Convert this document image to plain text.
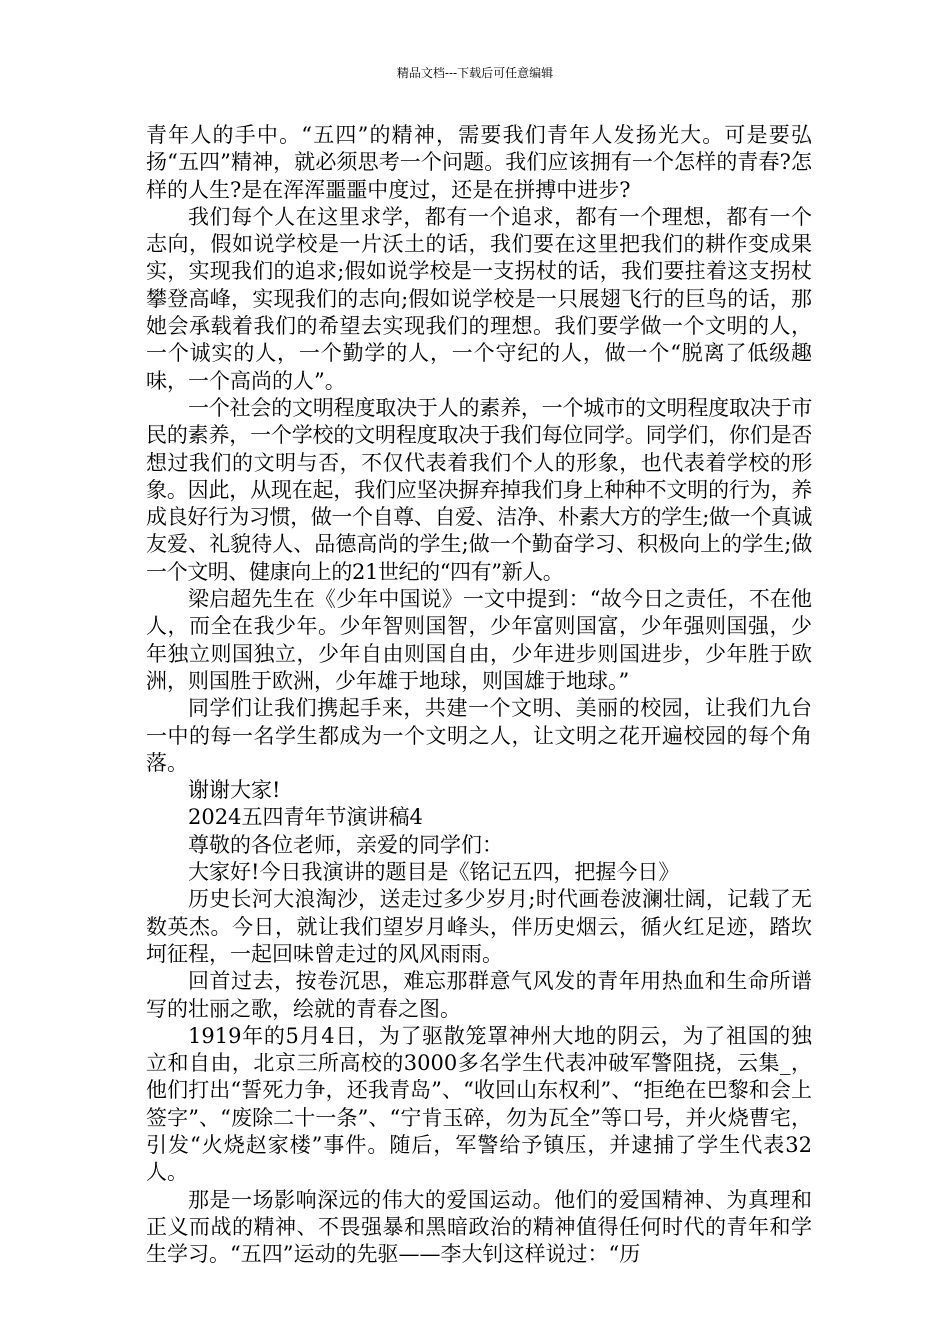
精品文档---下载后可任意编辑

青年人的手中。“五四”的精神，需要我们青年人发扬光大。可是要弘扬“五四”精神，就必须思考一个问题。我们应该拥有一个怎样的青春?怎样的人生?是在浑浑噩噩中度过，还是在拼搏中进步?

我们每个人在这里求学，都有一个追求，都有一个理想，都有一个志向，假如说学校是一片沃土的话，我们要在这里把我们的耕作变成果实，实现我们的追求;假如说学校是一支拐杖的话，我们要拄着这支拐杖攀登高峰，实现我们的志向;假如说学校是一只展翅飞行的巨鸟的话，那她会承载着我们的希望去实现我们的理想。我们要学做一个文明的人，一个诚实的人，一个勤学的人，一个守纪的人，做一个“脱离了低级趣味，一个高尚的人”。

一个社会的文明程度取决于人的素养，一个城市的文明程度取决于市民的素养，一个学校的文明程度取决于我们每位同学。同学们，你们是否想过我们的文明与否，不仅代表着我们个人的形象，也代表着学校的形象。因此，从现在起，我们应坚决摒弃掉我们身上种种不文明的行为，养成良好行为习惯，做一个自尊、自爱、洁净、朴素大方的学生;做一个真诚友爱、礼貌待人、品德高尚的学生;做一个勤奋学习、积极向上的学生;做一个文明、健康向上的21世纪的“四有”新人。

梁启超先生在《少年中国说》一文中提到：“故今日之责任，不在他人，而全在我少年。少年智则国智，少年富则国富，少年强则国强，少年独立则国独立，少年自由则国自由，少年进步则国进步，少年胜于欧洲，则国胜于欧洲，少年雄于地球，则国雄于地球。”

同学们让我们携起手来，共建一个文明、美丽的校园，让我们九台一中的每一名学生都成为一个文明之人，让文明之花开遍校园的每个角落。

谢谢大家!

2024五四青年节演讲稿4

尊敬的各位老师，亲爱的同学们：

大家好!今日我演讲的题目是《铭记五四，把握今日》

历史长河大浪淘沙，送走过多少岁月;时代画卷波澜壮阔，记载了无数英杰。今日，就让我们望岁月峰头，伴历史烟云，循火红足迹，踏坎坷征程，一起回味曾走过的风风雨雨。

回首过去，按卷沉思，难忘那群意气风发的青年用热血和生命所谱写的壮丽之歌，绘就的青春之图。

1919年的5月4日，为了驱散笼罩神州大地的阴云，为了祖国的独立和自由，北京三所高校的3000多名学生代表冲破军警阻挠，云集_，他们打出“誓死力争，还我青岛”、“收回山东权利”、“拒绝在巴黎和会上签字”、“废除二十一条”、“宁肯玉碎，勿为瓦全”等口号，并火烧曹宅，引发“火烧赵家楼”事件。随后，军警给予镇压，并逮捕了学生代表32人。

那是一场影响深远的伟大的爱国运动。他们的爱国精神、为真理和正义而战的精神、不畏强暴和黑暗政治的精神值得任何时代的青年和学生学习。“五四”运动的先驱——李大钊这样说过：“历
